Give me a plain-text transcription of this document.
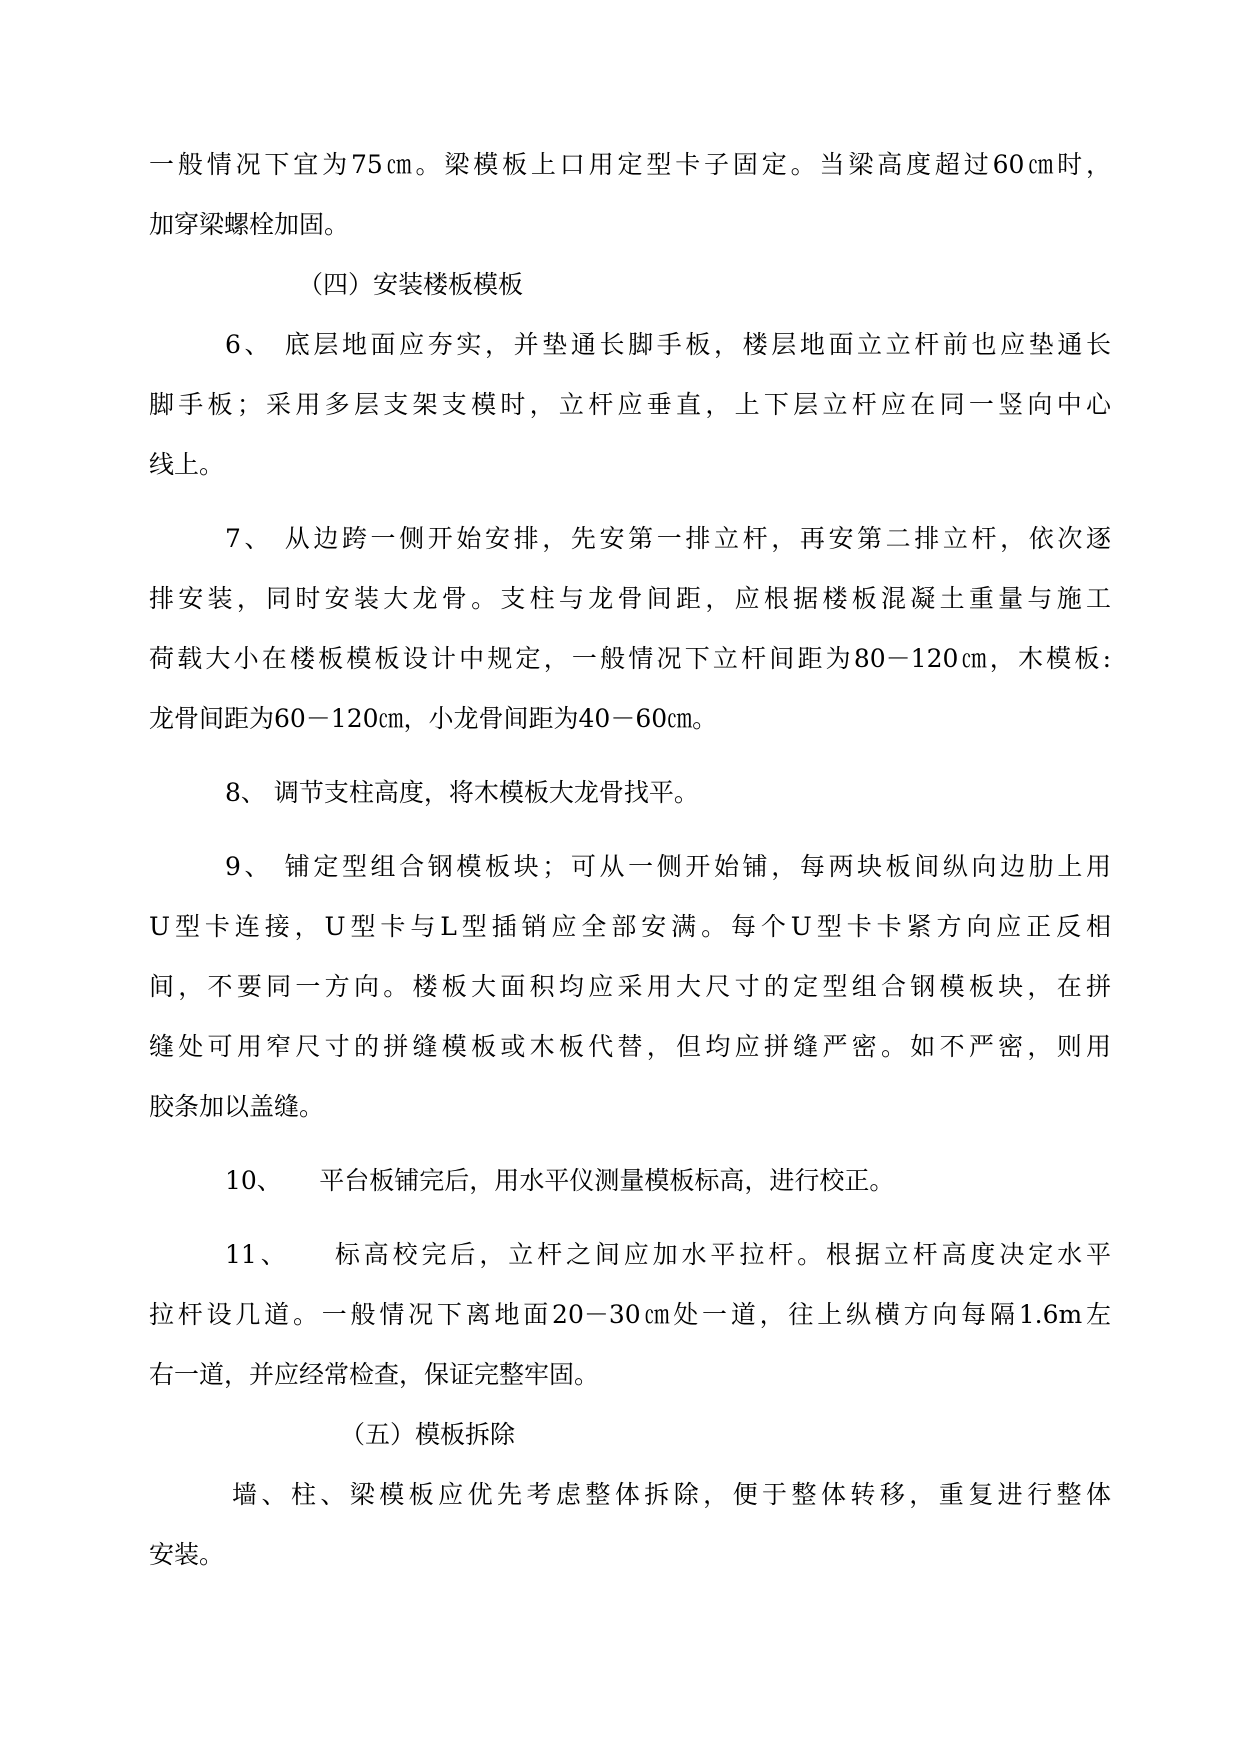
一般情况下宜为75㎝。梁模板上口用定型卡子固定。当梁高度超过60㎝时，
加穿梁螺栓加固。
（四）安装楼板模板
6、 底层地面应夯实，并垫通长脚手板，楼层地面立立杆前也应垫通长
脚手板；采用多层支架支模时，立杆应垂直，上下层立杆应在同一竖向中心
线上。
7、 从边跨一侧开始安排，先安第一排立杆，再安第二排立杆，依次逐
排安装，同时安装大龙骨。支柱与龙骨间距，应根据楼板混凝土重量与施工
荷载大小在楼板模板设计中规定，一般情况下立杆间距为80－120㎝，木模板:
龙骨间距为60－120㎝，小龙骨间距为40－60㎝。
8、 调节支柱高度，将木模板大龙骨找平。
9、 铺定型组合钢模板块；可从一侧开始铺，每两块板间纵向边肋上用
U型卡连接，U型卡与L型插销应全部安满。每个U型卡卡紧方向应正反相
间，不要同一方向。楼板大面积均应采用大尺寸的定型组合钢模板块，在拼
缝处可用窄尺寸的拼缝模板或木板代替，但均应拼缝严密。如不严密，则用
胶条加以盖缝。
10、　　平台板铺完后，用水平仪测量模板标高，进行校正。
11、　　标高校完后，立杆之间应加水平拉杆。根据立杆高度决定水平
拉杆设几道。一般情况下离地面20－30㎝处一道，往上纵横方向每隔1.6m左
右一道，并应经常检查，保证完整牢固。
（五）模板拆除
墙、柱、梁模板应优先考虑整体拆除，便于整体转移，重复进行整体
安装。
